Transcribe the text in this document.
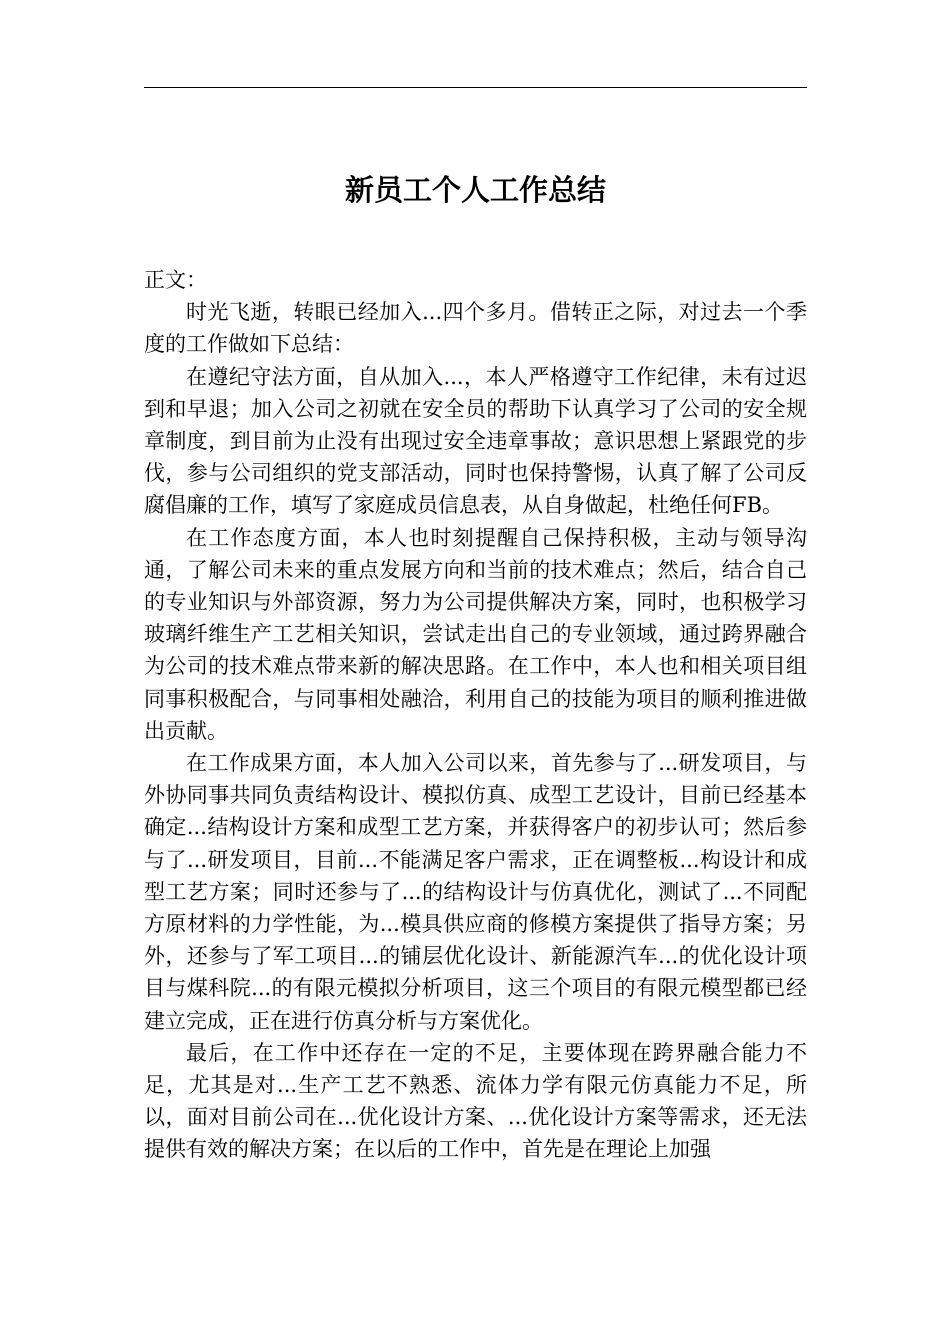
新员工个人工作总结

正文：

时光飞逝，转眼已经加入...四个多月。借转正之际，对过去一个季度的工作做如下总结：

在遵纪守法方面，自从加入...，本人严格遵守工作纪律，未有过迟到和早退；加入公司之初就在安全员的帮助下认真学习了公司的安全规章制度，到目前为止没有出现过安全违章事故；意识思想上紧跟党的步伐，参与公司组织的党支部活动，同时也保持警惕，认真了解了公司反腐倡廉的工作，填写了家庭成员信息表，从自身做起，杜绝任何FB。

在工作态度方面，本人也时刻提醒自己保持积极，主动与领导沟通，了解公司未来的重点发展方向和当前的技术难点；然后，结合自己的专业知识与外部资源，努力为公司提供解决方案，同时，也积极学习玻璃纤维生产工艺相关知识，尝试走出自己的专业领域，通过跨界融合为公司的技术难点带来新的解决思路。在工作中，本人也和相关项目组同事积极配合，与同事相处融洽，利用自己的技能为项目的顺利推进做出贡献。

在工作成果方面，本人加入公司以来，首先参与了...研发项目，与外协同事共同负责结构设计、模拟仿真、成型工艺设计，目前已经基本确定...结构设计方案和成型工艺方案，并获得客户的初步认可；然后参与了...研发项目，目前...不能满足客户需求，正在调整板...构设计和成型工艺方案；同时还参与了...的结构设计与仿真优化，测试了...不同配方原材料的力学性能，为...模具供应商的修模方案提供了指导方案；另外，还参与了军工项目...的铺层优化设计、新能源汽车...的优化设计项目与煤科院...的有限元模拟分析项目，这三个项目的有限元模型都已经建立完成，正在进行仿真分析与方案优化。

最后，在工作中还存在一定的不足，主要体现在跨界融合能力不足，尤其是对...生产工艺不熟悉、流体力学有限元仿真能力不足，所以，面对目前公司在...优化设计方案、...优化设计方案等需求，还无法提供有效的解决方案；在以后的工作中，首先是在理论上加强
